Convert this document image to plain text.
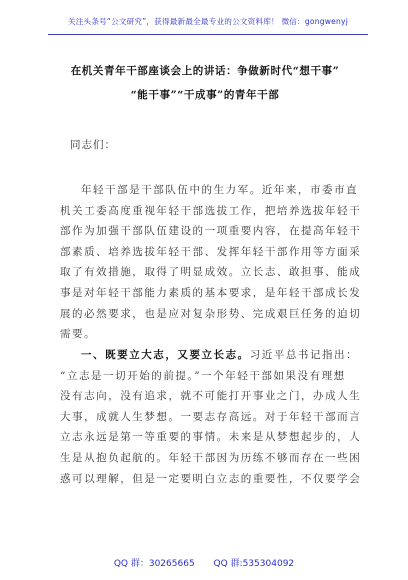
关注头条号“公文研究”，获得最新最全最专业的公文资料库！ 微信：gongwenyj
在机关青年干部座谈会上的讲话：争做新时代“想干事”
“能干事”“干成事”的青年干部
同志们：
年轻干部是干部队伍中的生力军。近年来，市委市直
机关工委高度重视年轻干部选拔工作，把培养选拔年轻干
部作为加强干部队伍建设的一项重要内容，在提高年轻干
部素质、培养选拔年轻干部、发挥年轻干部作用等方面采
取了有效措施，取得了明显成效。立长志、敢担事、能成
事是对年轻干部能力素质的基本要求，是年轻干部成长发
展的必然要求，也是应对复杂形势、完成艰巨任务的迫切
需要。
一、既要立大志，又要立长志。习近平总书记指出：
“立志是一切开始的前提。”一个年轻干部如果没有理想
没有志向，没有追求，就不可能打开事业之门，办成人生
大事，成就人生梦想。一要志存高远。对于年轻干部而言
立志永远是第一等重要的事情。未来是从梦想起步的，人
生是从抱负起航的。年轻干部因为历练不够而存在一些困
惑可以理解，但是一定要明白立志的重要性，不仅要学会
QQ 群：30265665 QQ 群:535304092
